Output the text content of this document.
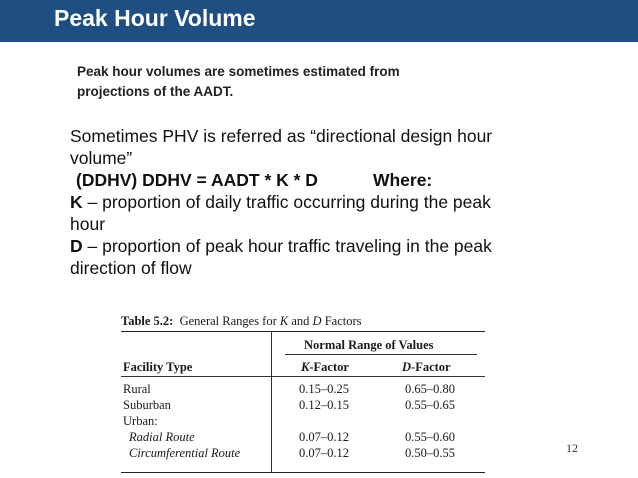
Peak Hour Volume
Peak hour volumes are sometimes estimated from
projections of the AADT.
Sometimes PHV is referred as “directional design hour
volume”
(DDHV) DDHV = AADT * K * D	Where:
K – proportion of daily traffic occurring during the peak
hour
D – proportion of peak hour traffic traveling in the peak
direction of flow
Table 5.2: General Ranges for K and D Factors
Normal Range of Values
Facility Type	K-Factor	D-Factor
Rural	0.15–0.25	0.65–0.80
Suburban	0.12–0.15	0.55–0.65
Urban:
Radial Route	0.07–0.12	0.55–0.60
Circumferential Route	0.07–0.12	0.50–0.55	12
